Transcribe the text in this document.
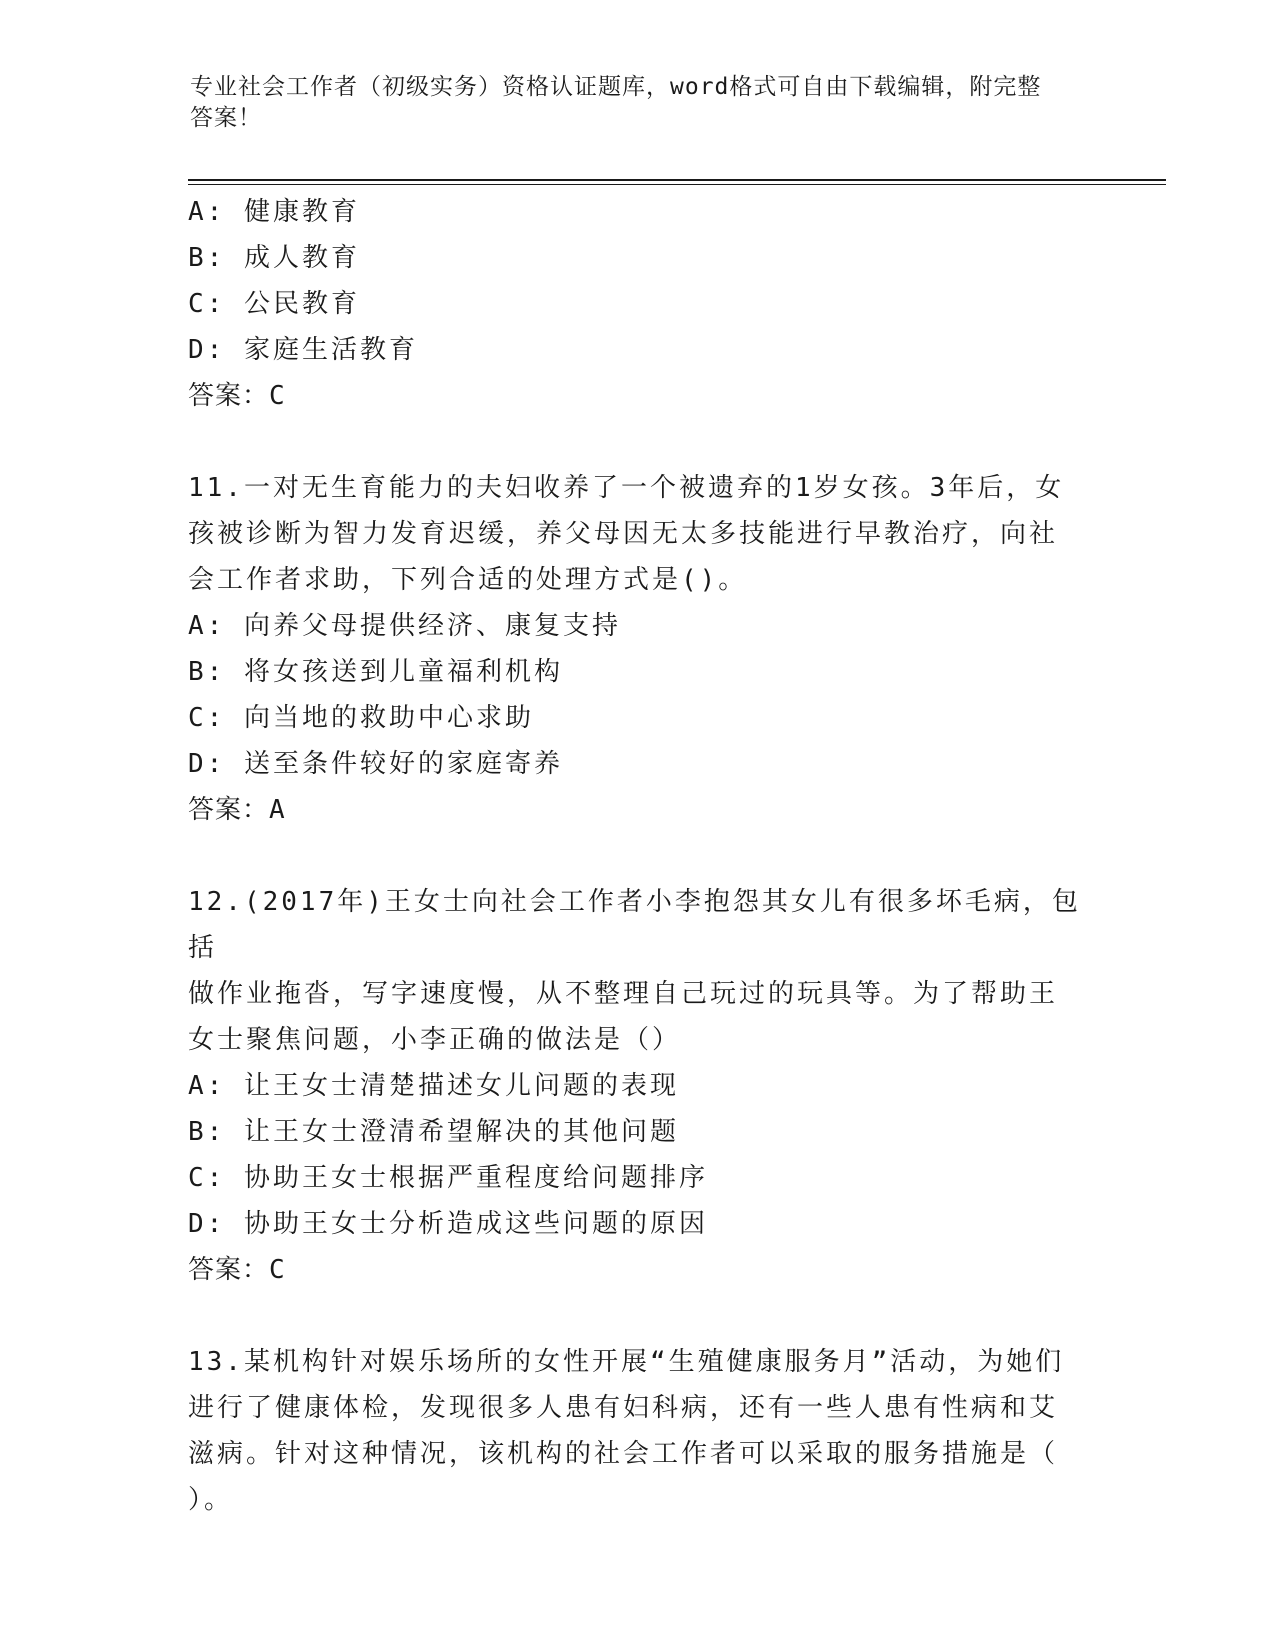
专业社会工作者（初级实务）资格认证题库，word格式可自由下载编辑，附完整
答案！
A: 健康教育
B: 成人教育
C: 公民教育
D: 家庭生活教育
答案：C
11.一对无生育能力的夫妇收养了一个被遗弃的1岁女孩。3年后，女
孩被诊断为智力发育迟缓，养父母因无太多技能进行早教治疗，向社
会工作者求助，下列合适的处理方式是()。
A: 向养父母提供经济、康复支持
B: 将女孩送到儿童福利机构
C: 向当地的救助中心求助
D: 送至条件较好的家庭寄养
答案：A
12.(2017年)王女士向社会工作者小李抱怨其女儿有很多坏毛病，包括
做作业拖沓，写字速度慢，从不整理自己玩过的玩具等。为了帮助王
女士聚焦问题，小李正确的做法是（）
A: 让王女士清楚描述女儿问题的表现
B: 让王女士澄清希望解决的其他问题
C: 协助王女士根据严重程度给问题排序
D: 协助王女士分析造成这些问题的原因
答案：C
13.某机构针对娱乐场所的女性开展“生殖健康服务月”活动，为她们
进行了健康体检，发现很多人患有妇科病，还有一些人患有性病和艾
滋病。针对这种情况，该机构的社会工作者可以采取的服务措施是（
）。
